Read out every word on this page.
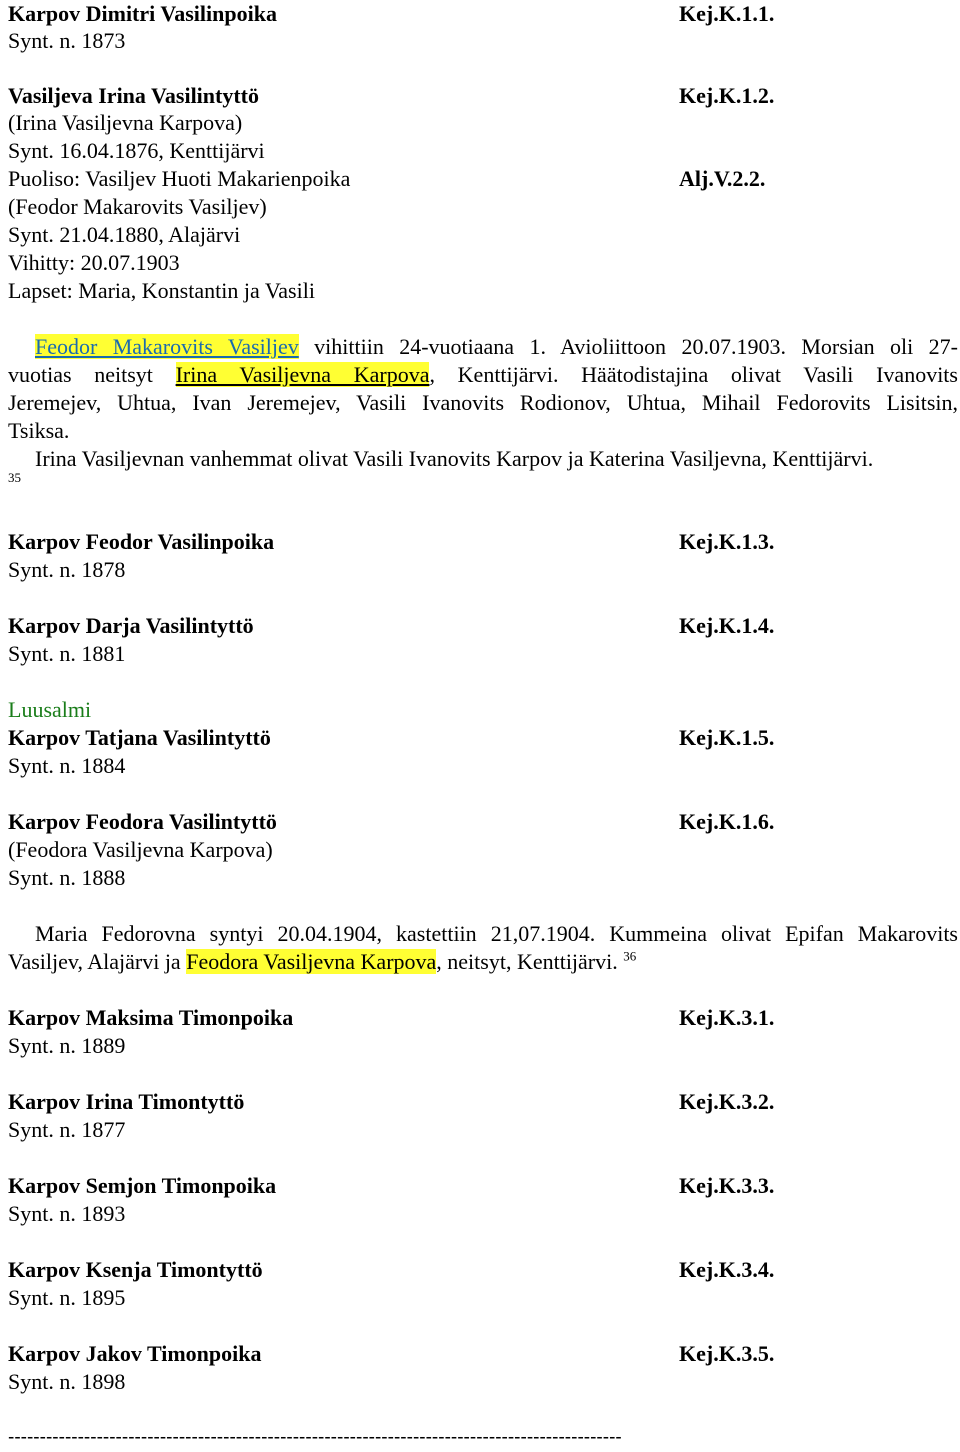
Karpov Dimitri Vasilinpoika	Kej.K.1.1.
Synt. n. 1873
Vasiljeva Irina Vasilintyttö	Kej.K.1.2.
(Irina Vasiljevna Karpova)
Synt. 16.04.1876, Kenttijärvi
Puoliso: Vasiljev Huoti Makarienpoika	Alj.V.2.2.
(Feodor Makarovits Vasiljev)
Synt. 21.04.1880, Alajärvi
Vihitty: 20.07.1903
Lapset: Maria, Konstantin ja Vasili
Feodor Makarovits Vasiljev vihittiin 24-vuotiaana 1. Avioliittoon 20.07.1903. Morsian oli 27-
vuotias neitsyt Irina Vasiljevna Karpova, Kenttijärvi. Häätodistajina olivat Vasili Ivanovits
Jeremejev, Uhtua, Ivan Jeremejev, Vasili Ivanovits Rodionov, Uhtua, Mihail Fedorovits Lisitsin,
Tsiksa.
Irina Vasiljevnan vanhemmat olivat Vasili Ivanovits Karpov ja Katerina Vasiljevna, Kenttijärvi.
35
Karpov Feodor Vasilinpoika	Kej.K.1.3.
Synt. n. 1878
Karpov Darja Vasilintyttö	Kej.K.1.4.
Synt. n. 1881
Luusalmi
Karpov Tatjana Vasilintyttö	Kej.K.1.5.
Synt. n. 1884
Karpov Feodora Vasilintyttö	Kej.K.1.6.
(Feodora Vasiljevna Karpova)
Synt. n. 1888
Maria Fedorovna syntyi 20.04.1904, kastettiin 21,07.1904. Kummeina olivat Epifan Makarovits
Vasiljev, Alajärvi ja Feodora Vasiljevna Karpova, neitsyt, Kenttijärvi. $^{36}$
Karpov Maksima Timonpoika	Kej.K.3.1.
Synt. n. 1889
Karpov Irina Timontyttö	Kej.K.3.2.
Synt. n. 1877
Karpov Semjon Timonpoika	Kej.K.3.3.
Synt. n. 1893
Karpov Ksenja Timontyttö	Kej.K.3.4.
Synt. n. 1895
Karpov Jakov Timonpoika	Kej.K.3.5.
Synt. n. 1898
-------------------------------------------------------------------------------------------------
